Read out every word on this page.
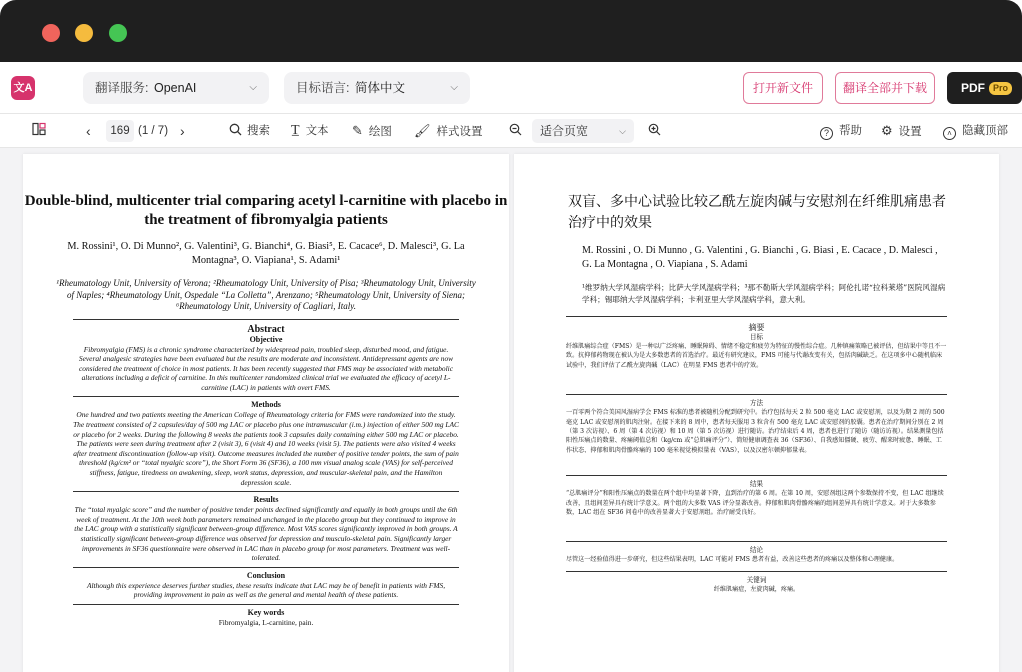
文A	翻译服务: OpenAI	⌵	目标语言: 简体中文	⌵	打开新文件	翻译全部并下载	PDF Pro
‹	169 (1 / 7) ›	搜索 T̲ 文本 ✎ 绘图 🖌 样式设置	适合页宽	⌵	? 帮助 ⚙ 设置	˄ 隐藏顶部
Double-blind, multicenter trial comparing acetyl l-carnitine with placebo in the treatment of fibromyalgia patients
M. Rossini¹, O. Di Munno², G. Valentini³, G. Bianchi⁴, G. Biasi⁵, E. Cacace⁶, D. Malesci³, G. La Montagna³, O. Viapiana¹, S. Adami¹
¹Rheumatology Unit, University of Verona; ²Rheumatology Unit, University of Pisa; ³Rheumatology Unit, University of Naples; ⁴Rheumatology Unit, Ospedale “La Colletta”, Arenzano; ⁵Rheumatology Unit, University of Siena; ⁶Rheumatology Unit, University of Cagliari, Italy.
Abstract
Objective
Fibromyalgia (FMS) is a chronic syndrome characterized by widespread pain, troubled sleep, disturbed mood, and fatigue. Several analgesic strategies have been evaluated but the results are moderate and inconsistent. Antidepressant agents are now considered the treatment of choice in most patients. It has been recently suggested that FMS may be associated with metabolic alterations including a deficit of carnitine. In this multicenter randomized clinical trial we evaluated the efficacy of acetyl L-carnitine (LAC) in patients with overt FMS.
Methods
One hundred and two patients meeting the American College of Rheumatology criteria for FMS were randomized into the study. The treatment consisted of 2 capsules/day of 500 mg LAC or placebo plus one intramuscular (i.m.) injection of either 500 mg LAC or placebo for 2 weeks. During the following 8 weeks the patients took 3 capsules daily containing either 500 mg LAC or placebo. The patients were seen during treatment after 2 (visit 3), 6 (visit 4) and 10 weeks (visit 5). The patients were also visited 4 weeks after treatment discontinuation (follow-up visit). Outcome measures included the number of positive tender points, the sum of pain threshold (kg/cm² or “total myalgic score”), the Short Form 36 (SF36), a 100 mm visual analog scale (VAS) for self-perceived stiffness, fatigue, tiredness on awakening, sleep, work status, depression, and muscular-skeletal pain, and the Hamilton depression scale.
Results
The “total myalgic score” and the number of positive tender points declined significantly and equally in both groups until the 6th week of treatment. At the 10th week both parameters remained unchanged in the placebo group but they continued to improve in the LAC group with a statistically significant between-group difference. Most VAS scores significantly improved in both groups. A statistically significant between-group difference was observed for depression and musculo-skeletal pain. Significantly larger improvements in SF36 questionnaire were observed in LAC than in placebo group for most parameters. Treatment was well-tolerated.
Conclusion
Although this experience deserves further studies, these results indicate that LAC may be of benefit in patients with FMS, providing improvement in pain as well as the general and mental health of these patients.
Key words
Fibromyalgia, L-carnitine, pain.
双盲、多中心试验比较乙酰左旋肉碱与安慰剂在纤维肌痛患者治疗中的效果
M. Rossini , O. Di Munno , G. Valentini , G. Bianchi , G. Biasi , E. Cacace , D. Malesci , G. La Montagna , O. Viapiana , S. Adami
¹维罗纳大学风湿病学科；比萨大学风湿病学科；³那不勒斯大学风湿病学科；阿伦扎诺“拉科莱塔”医院风湿病学科；锡耶纳大学风湿病学科；卡利亚里大学风湿病学科，意大利。
摘要
目标
纤维肌痛综合症（FMS）是一种以广泛疼痛、睡眠障碍、情绪不稳定和疲劳为特征的慢性综合症。几种镇痛策略已被评估，但结果中等且不一致。抗抑郁药物现在被认为是大多数患者的首选治疗。最近有研究建议，FMS 可能与代谢改变有关，包括肉碱缺乏。在这项多中心随机临床试验中，我们评估了乙酰左旋肉碱（LAC）在明显 FMS 患者中的疗效。
方法
一百零两个符合美国风湿病学会 FMS 标准的患者被随机分配到研究中。治疗包括每天 2 粒 500 毫克 LAC 或安慰剂，以及为期 2 周的 500 毫克 LAC 或安慰剂的肌肉注射。在接下来的 8 周中，患者每天服用 3 粒含有 500 毫克 LAC 或安慰剂的胶囊。患者在治疗期间分别在 2 周（第 3 次访视）、6 周（第 4 次访视）和 10 周（第 5 次访视）进行随访。治疗结束后 4 周，患者也进行了随访（随访访视）。结果测量包括阳性压痛点的数量、疼痛阈值总和（kg/cm 或“总肌痛评分”）、简短健康调查表 36（SF36）、自我感知僵硬、疲劳、醒来时疲惫、睡眠、工作状态、抑郁和肌肉骨骼疼痛的 100 毫米视觉模拟量表（VAS），以及汉密尔顿抑郁量表。
结果
“总肌痛评分”和阳性压痛点的数量在两个组中均显著下降，直到治疗的第 6 周。在第 10 周，安慰剂组这两个参数保持不变，但 LAC 组继续改善，且组间差异具有统计学意义。两个组的大多数 VAS 评分显著改善。抑郁和肌肉骨骼疼痛的组间差异具有统计学意义。对于大多数参数，LAC 组在 SF36 问卷中的改善显著大于安慰剂组。治疗耐受良好。
结论
尽管这一经验值得进一步研究，但这些结果表明，LAC 可能对 FMS 患者有益，改善这些患者的疼痛以及整体和心理健康。
关键词
纤维肌痛症，左旋肉碱，疼痛。
